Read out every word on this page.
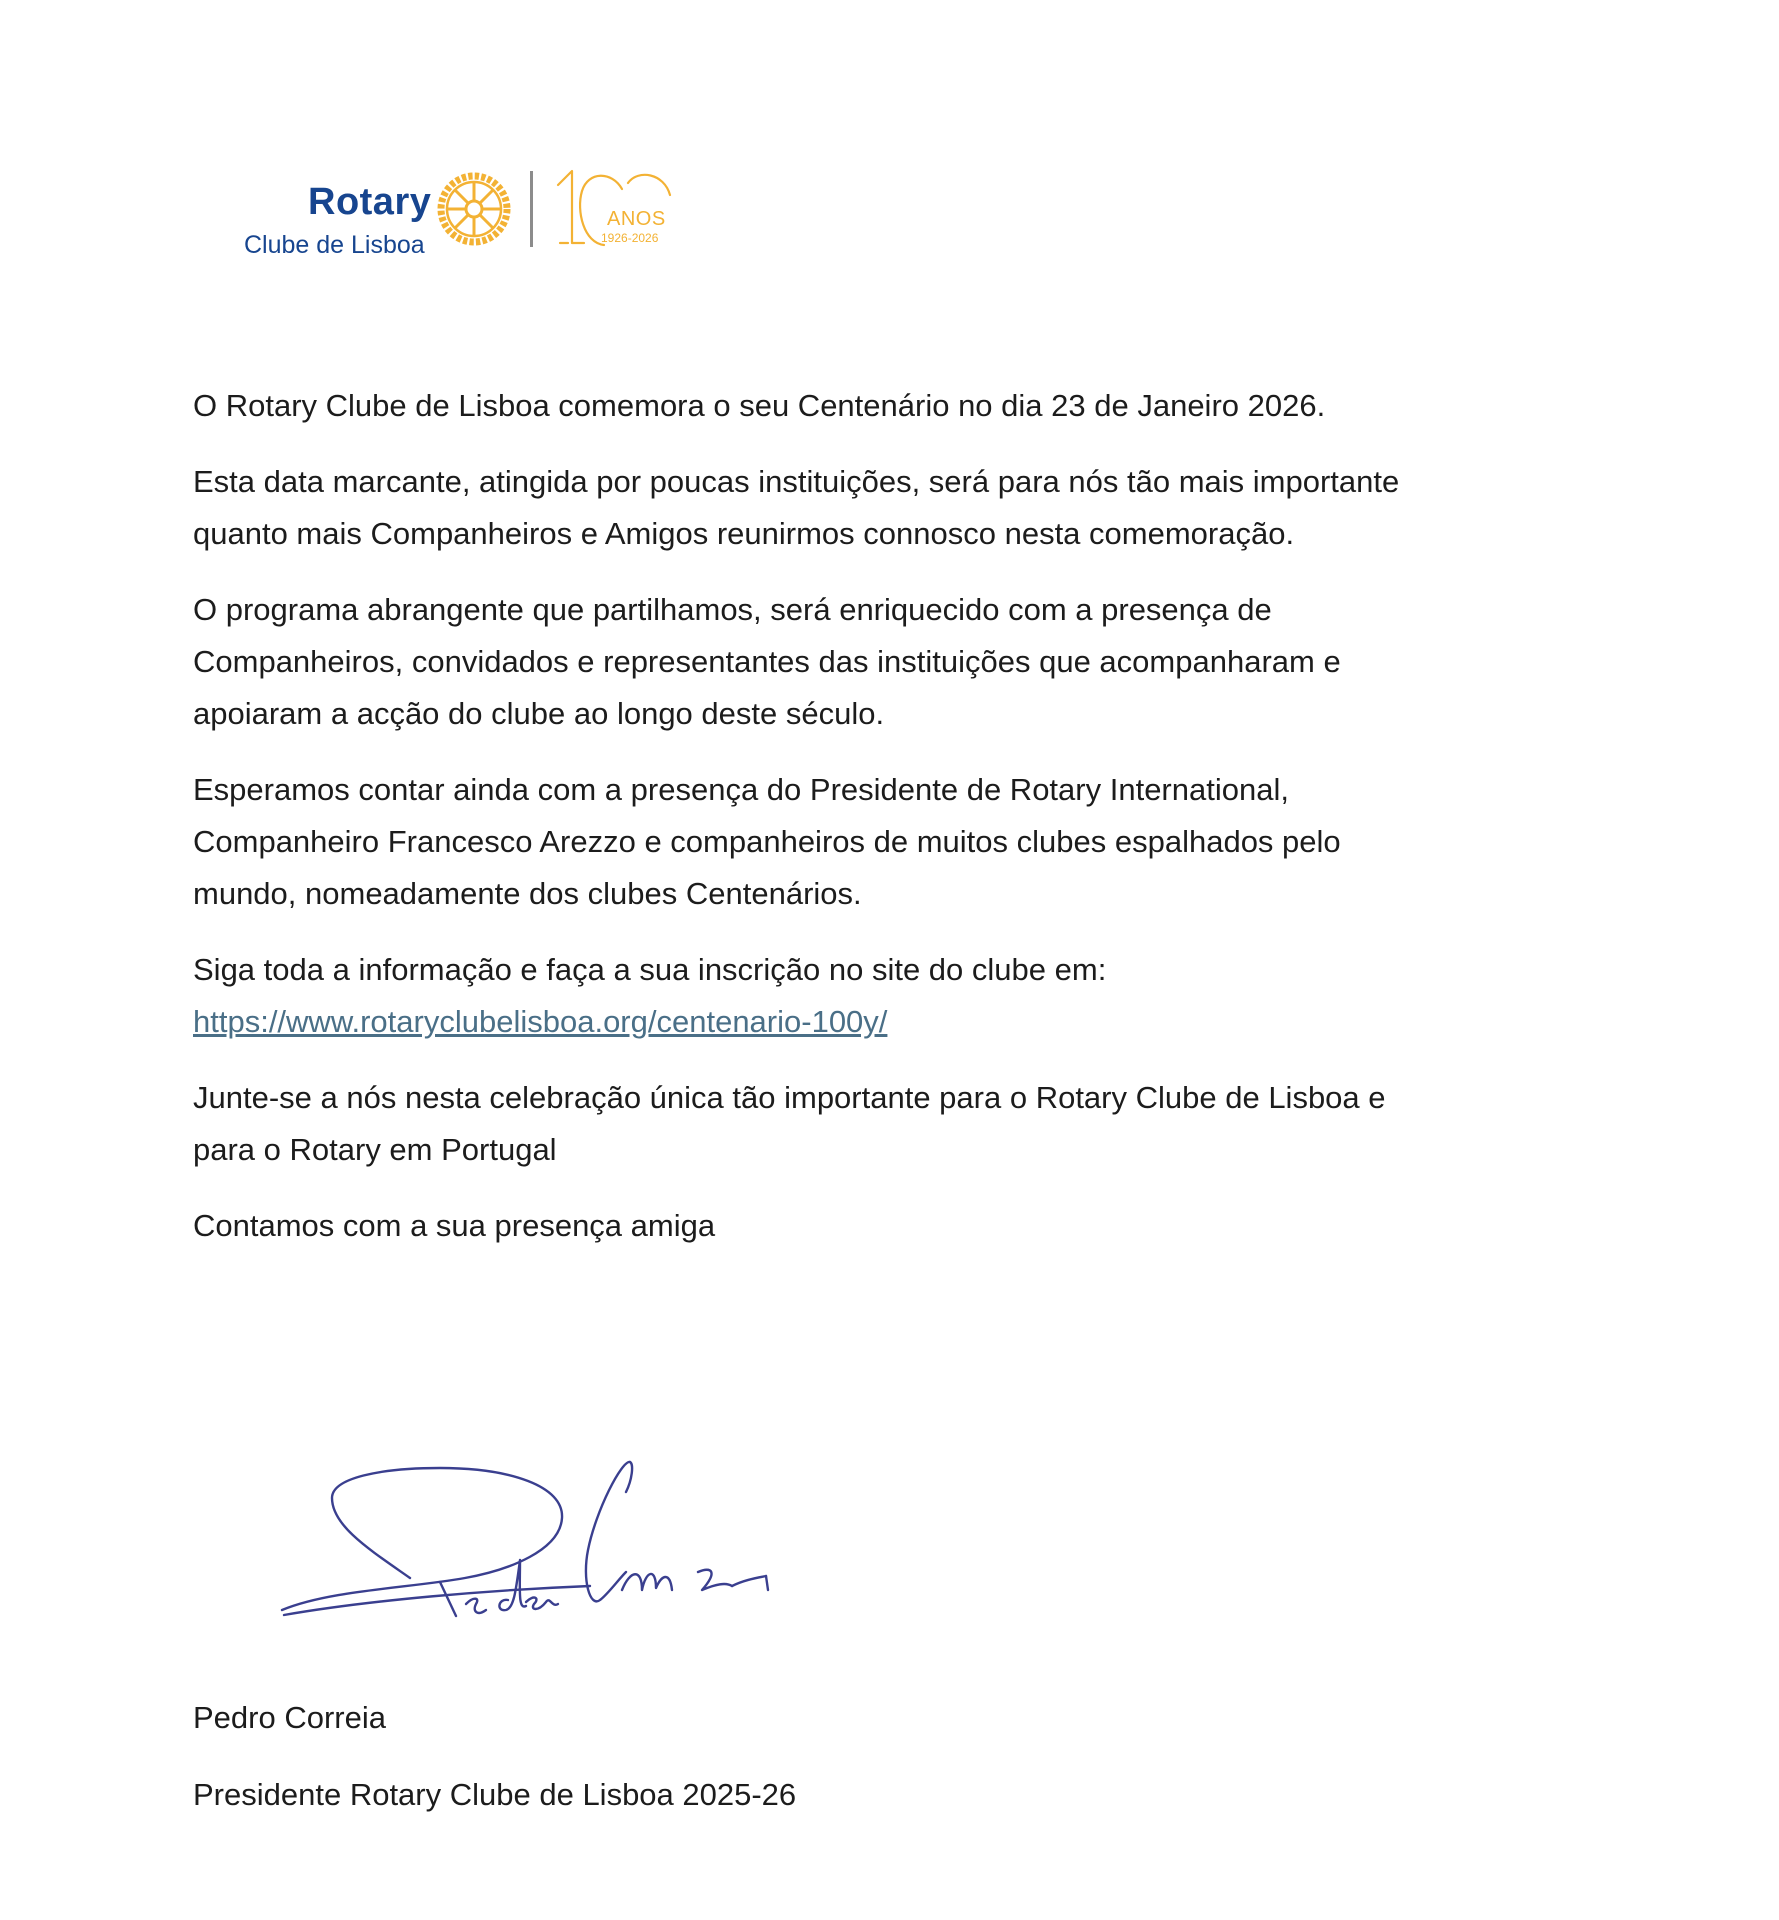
Rotary
Clube de Lisboa
ANOS
1926-2026

O Rotary Clube de Lisboa comemora o seu Centenário no dia 23 de Janeiro 2026.

Esta data marcante, atingida por poucas instituições, será para nós tão mais importante
quanto mais Companheiros e Amigos reunirmos connosco nesta comemoração.

O programa abrangente que partilhamos, será enriquecido com a presença de
Companheiros, convidados e representantes das instituições que acompanharam e
apoiaram a acção do clube ao longo deste século.

Esperamos contar ainda com a presença do Presidente de Rotary International,
Companheiro Francesco Arezzo e companheiros de muitos clubes espalhados pelo
mundo, nomeadamente dos clubes Centenários.

Siga toda a informação e faça a sua inscrição no site do clube em:
https://www.rotaryclubelisboa.org/centenario-100y/

Junte-se a nós nesta celebração única tão importante para o Rotary Clube de Lisboa e
para o Rotary em Portugal

Contamos com a sua presença amiga

Pedro Correia
Presidente Rotary Clube de Lisboa 2025-26
